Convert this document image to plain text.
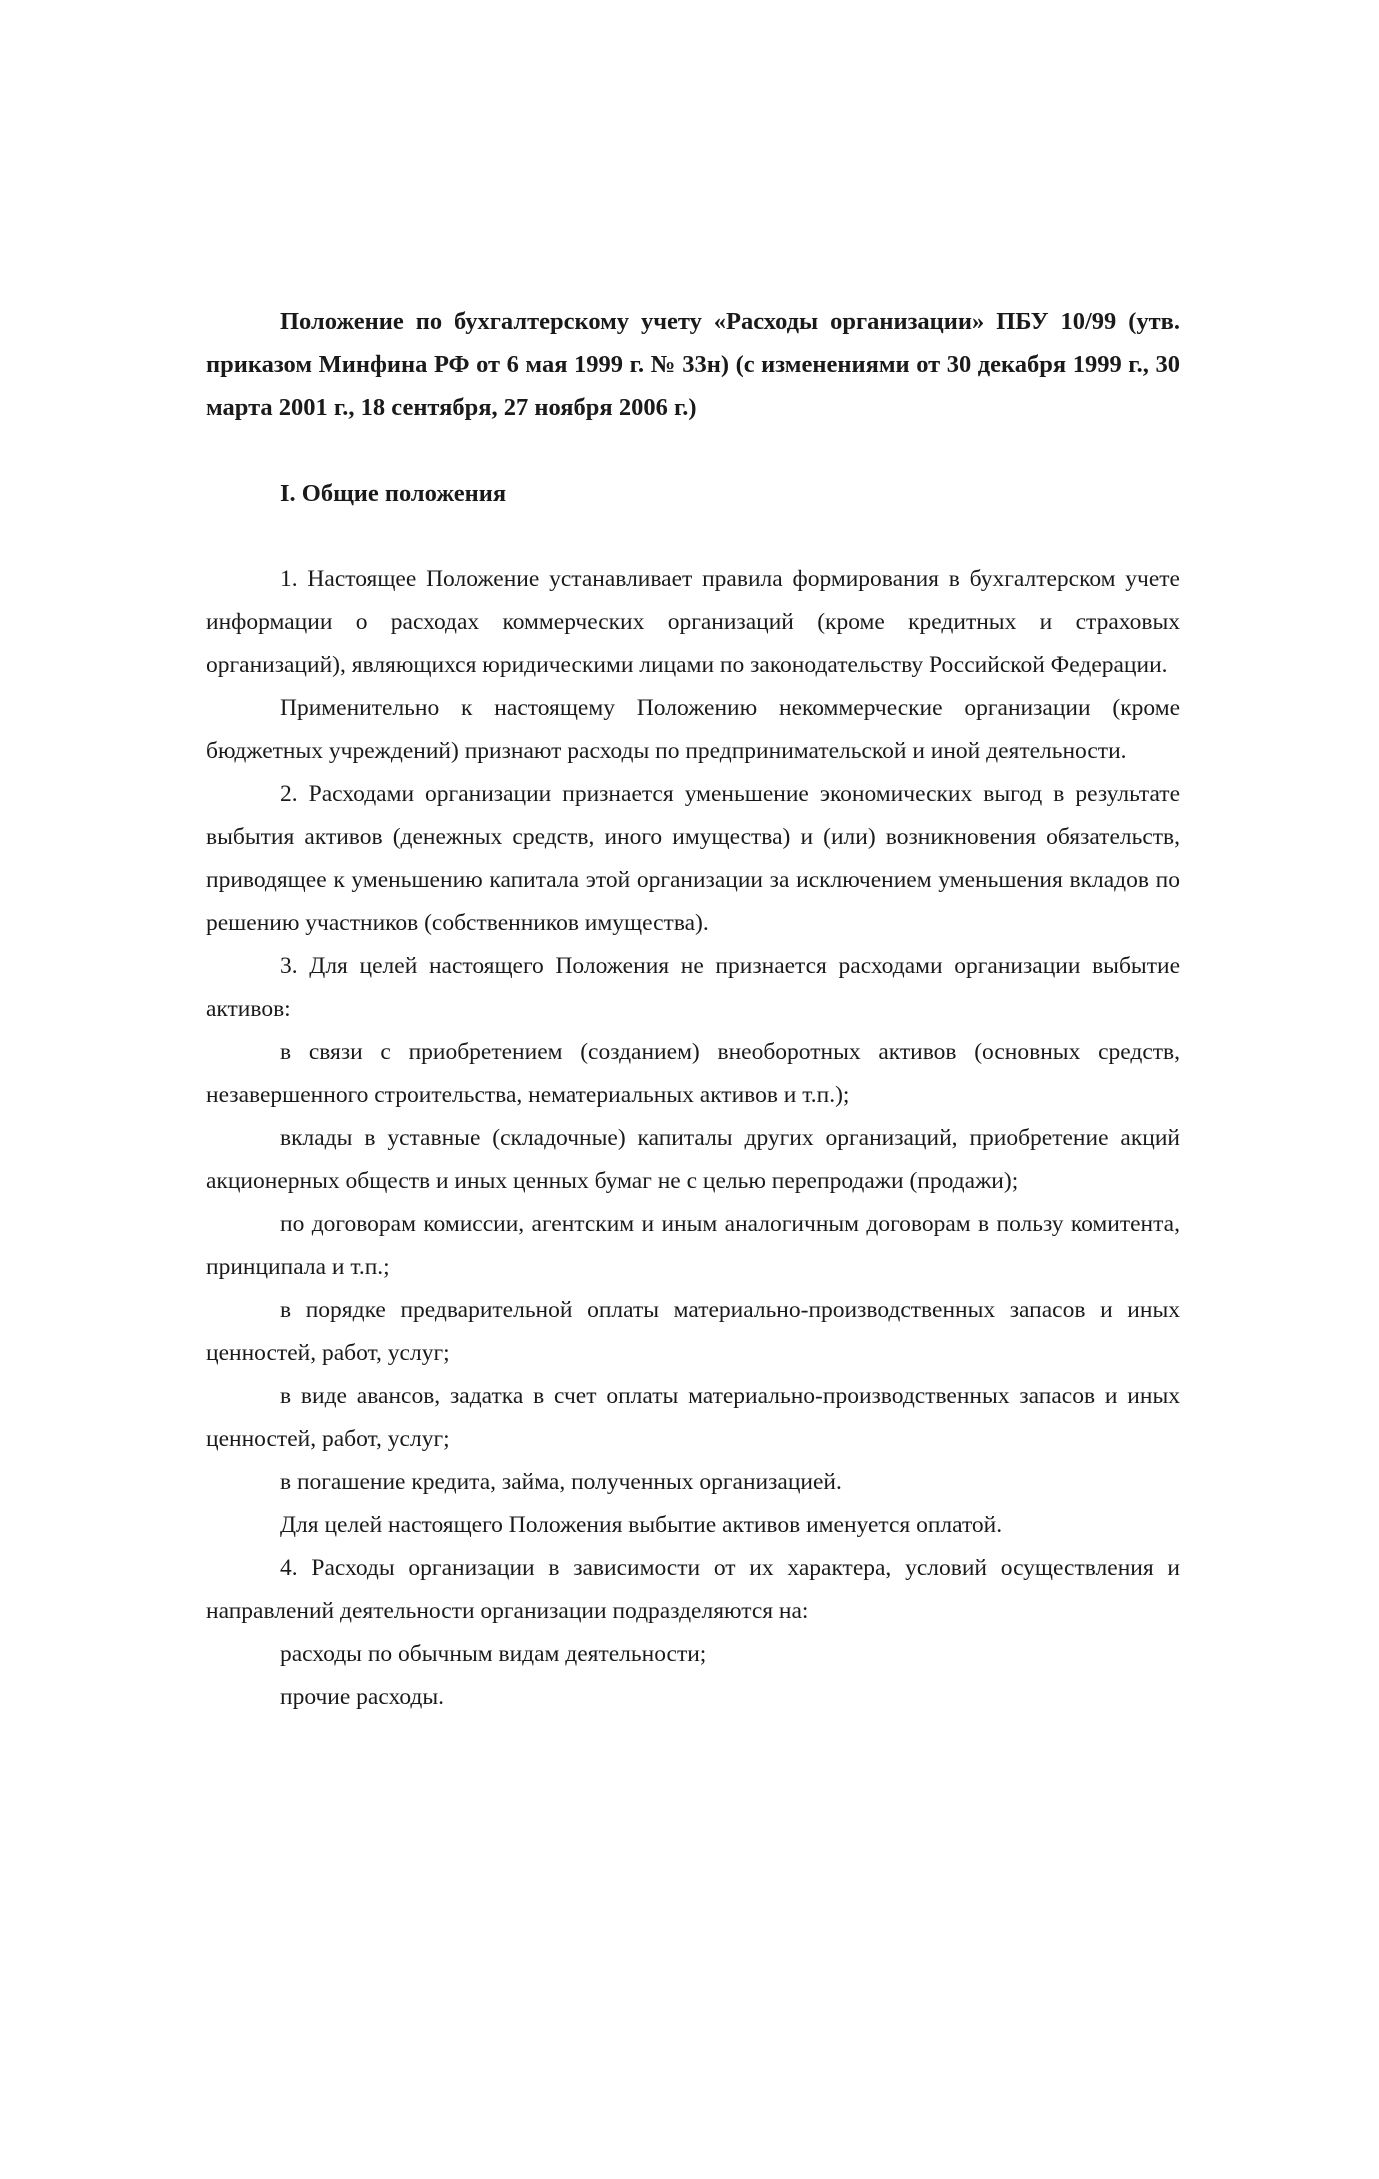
Положение по бухгалтерскому учету «Расходы организации» ПБУ 10/99 (утв. приказом Минфина РФ от 6 мая 1999 г. № 33н) (с изменениями от 30 декабря 1999 г., 30 марта 2001 г., 18 сентября, 27 ноября 2006 г.)

I. Общие положения

1. Настоящее Положение устанавливает правила формирования в бухгалтерском учете информации о расходах коммерческих организаций (кроме кредитных и страховых организаций), являющихся юридическими лицами по законодательству Российской Федерации.

Применительно к настоящему Положению некоммерческие организации (кроме бюджетных учреждений) признают расходы по предпринимательской и иной деятельности.

2. Расходами организации признается уменьшение экономических выгод в результате выбытия активов (денежных средств, иного имущества) и (или) возникновения обязательств, приводящее к уменьшению капитала этой организации за исключением уменьшения вкладов по решению участников (собственников имущества).

3. Для целей настоящего Положения не признается расходами организации выбытие активов:

в связи с приобретением (созданием) внеоборотных активов (основных средств, незавершенного строительства, нематериальных активов и т.п.);

вклады в уставные (складочные) капиталы других организаций, приобретение акций акционерных обществ и иных ценных бумаг не с целью перепродажи (продажи);

по договорам комиссии, агентским и иным аналогичным договорам в пользу комитента, принципала и т.п.;

в порядке предварительной оплаты материально-производственных запасов и иных ценностей, работ, услуг;

в виде авансов, задатка в счет оплаты материально-производственных запасов и иных ценностей, работ, услуг;

в погашение кредита, займа, полученных организацией.

Для целей настоящего Положения выбытие активов именуется оплатой.

4. Расходы организации в зависимости от их характера, условий осуществления и направлений деятельности организации подразделяются на:

расходы по обычным видам деятельности;

прочие расходы.
